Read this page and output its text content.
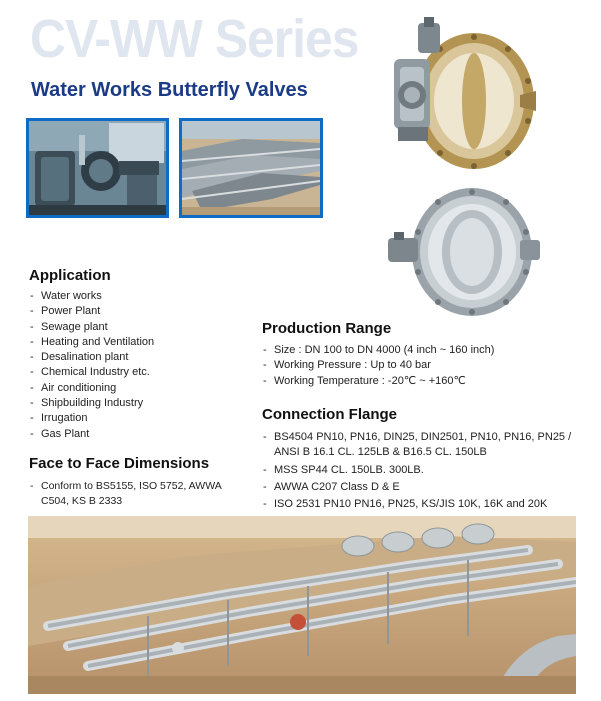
CV-WW Series
Water Works Butterfly Valves
Application
- Water works
- Power Plant
- Sewage plant
- Heating and Ventilation
- Desalination plant
- Chemical Industry etc.
- Air conditioning
- Shipbuilding Industry
- Irrugation
- Gas Plant
Face to Face Dimensions
- Conform to BS5155, ISO 5752, AWWA C504, KS B 2333
Production Range
- Size : DN 100 to DN 4000 (4 inch ~ 160 inch)
- Working Pressure : Up to 40 bar
- Working Temperature : -20℃ ~ +160℃
Connection Flange
- BS4504 PN10, PN16, DIN25, DIN2501, PN10, PN16, PN25 / ANSI B 16.1 CL. 125LB & B16.5 CL. 150LB
- MSS SP44 CL. 150LB. 300LB.
- AWWA C207 Class D & E
- ISO 2531 PN10 PN16, PN25, KS/JIS 10K, 16K and 20K
